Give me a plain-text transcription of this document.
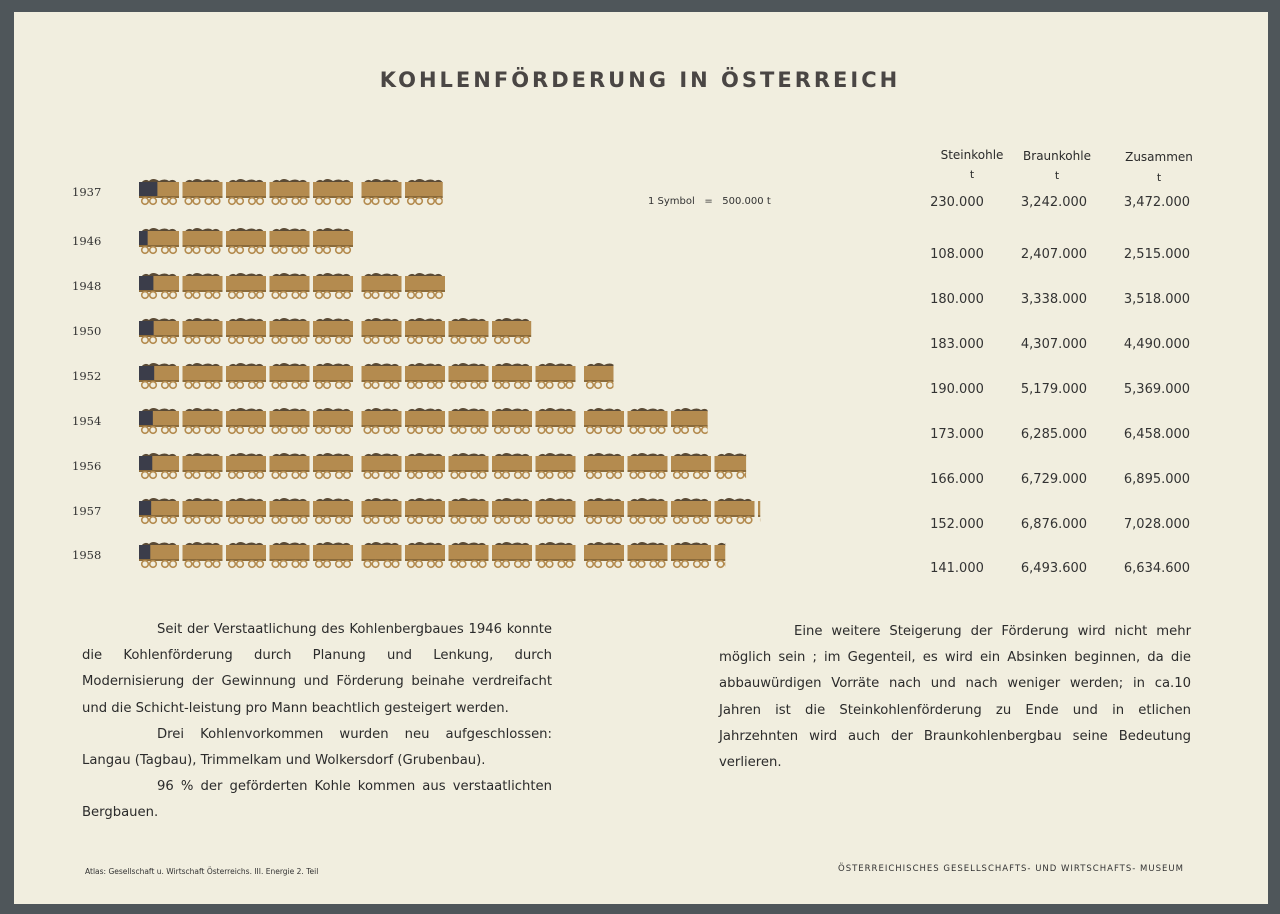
KOHLENFÖRDERUNG IN ÖSTERREICH
Steinkohle	Braunkohle	Zusammen
t	t	t
1 Symbol = 500.000 t
1937
230.000	3,242.000	3,472.000
1946
108.000	2,407.000	2,515.000
1948
180.000	3,338.000	3,518.000
1950
183.000	4,307.000	4,490.000
1952
190.000	5,179.000	5,369.000
1954
173.000	6,285.000	6,458.000
1956
166.000	6,729.000	6,895.000
1957
152.000	6,876.000	7,028.000
1958
141.000	6,493.600	6,634.600

Seit der Verstaatlichung des Kohlenbergbaues 1946 konnte die Kohlenförderung durch Planung und Lenkung, durch Modernisierung der Gewinnung und Förderung beinahe verdreifacht und die Schicht-leistung pro Mann beachtlich gesteigert werden.

Drei Kohlenvorkommen wurden neu aufgeschlossen: Langau (Tagbau), Trimmelkam und Wolkersdorf (Grubenbau).

96 % der geförderten Kohle kommen aus verstaatlichten Bergbauen.

Eine weitere Steigerung der Förderung wird nicht mehr möglich sein ; im Gegenteil, es wird ein Absinken beginnen, da die abbauwürdigen Vorräte nach und nach weniger werden; in ca.10 Jahren ist die Steinkohlenförderung zu Ende und in etlichen Jahrzehnten wird auch der Braunkohlenbergbau seine Bedeutung verlieren.

Atlas: Gesellschaft u. Wirtschaft Österreichs. III. Energie 2. Teil	ÖSTERREICHISCHES GESELLSCHAFTS- UND WIRTSCHAFTS- MUSEUM
